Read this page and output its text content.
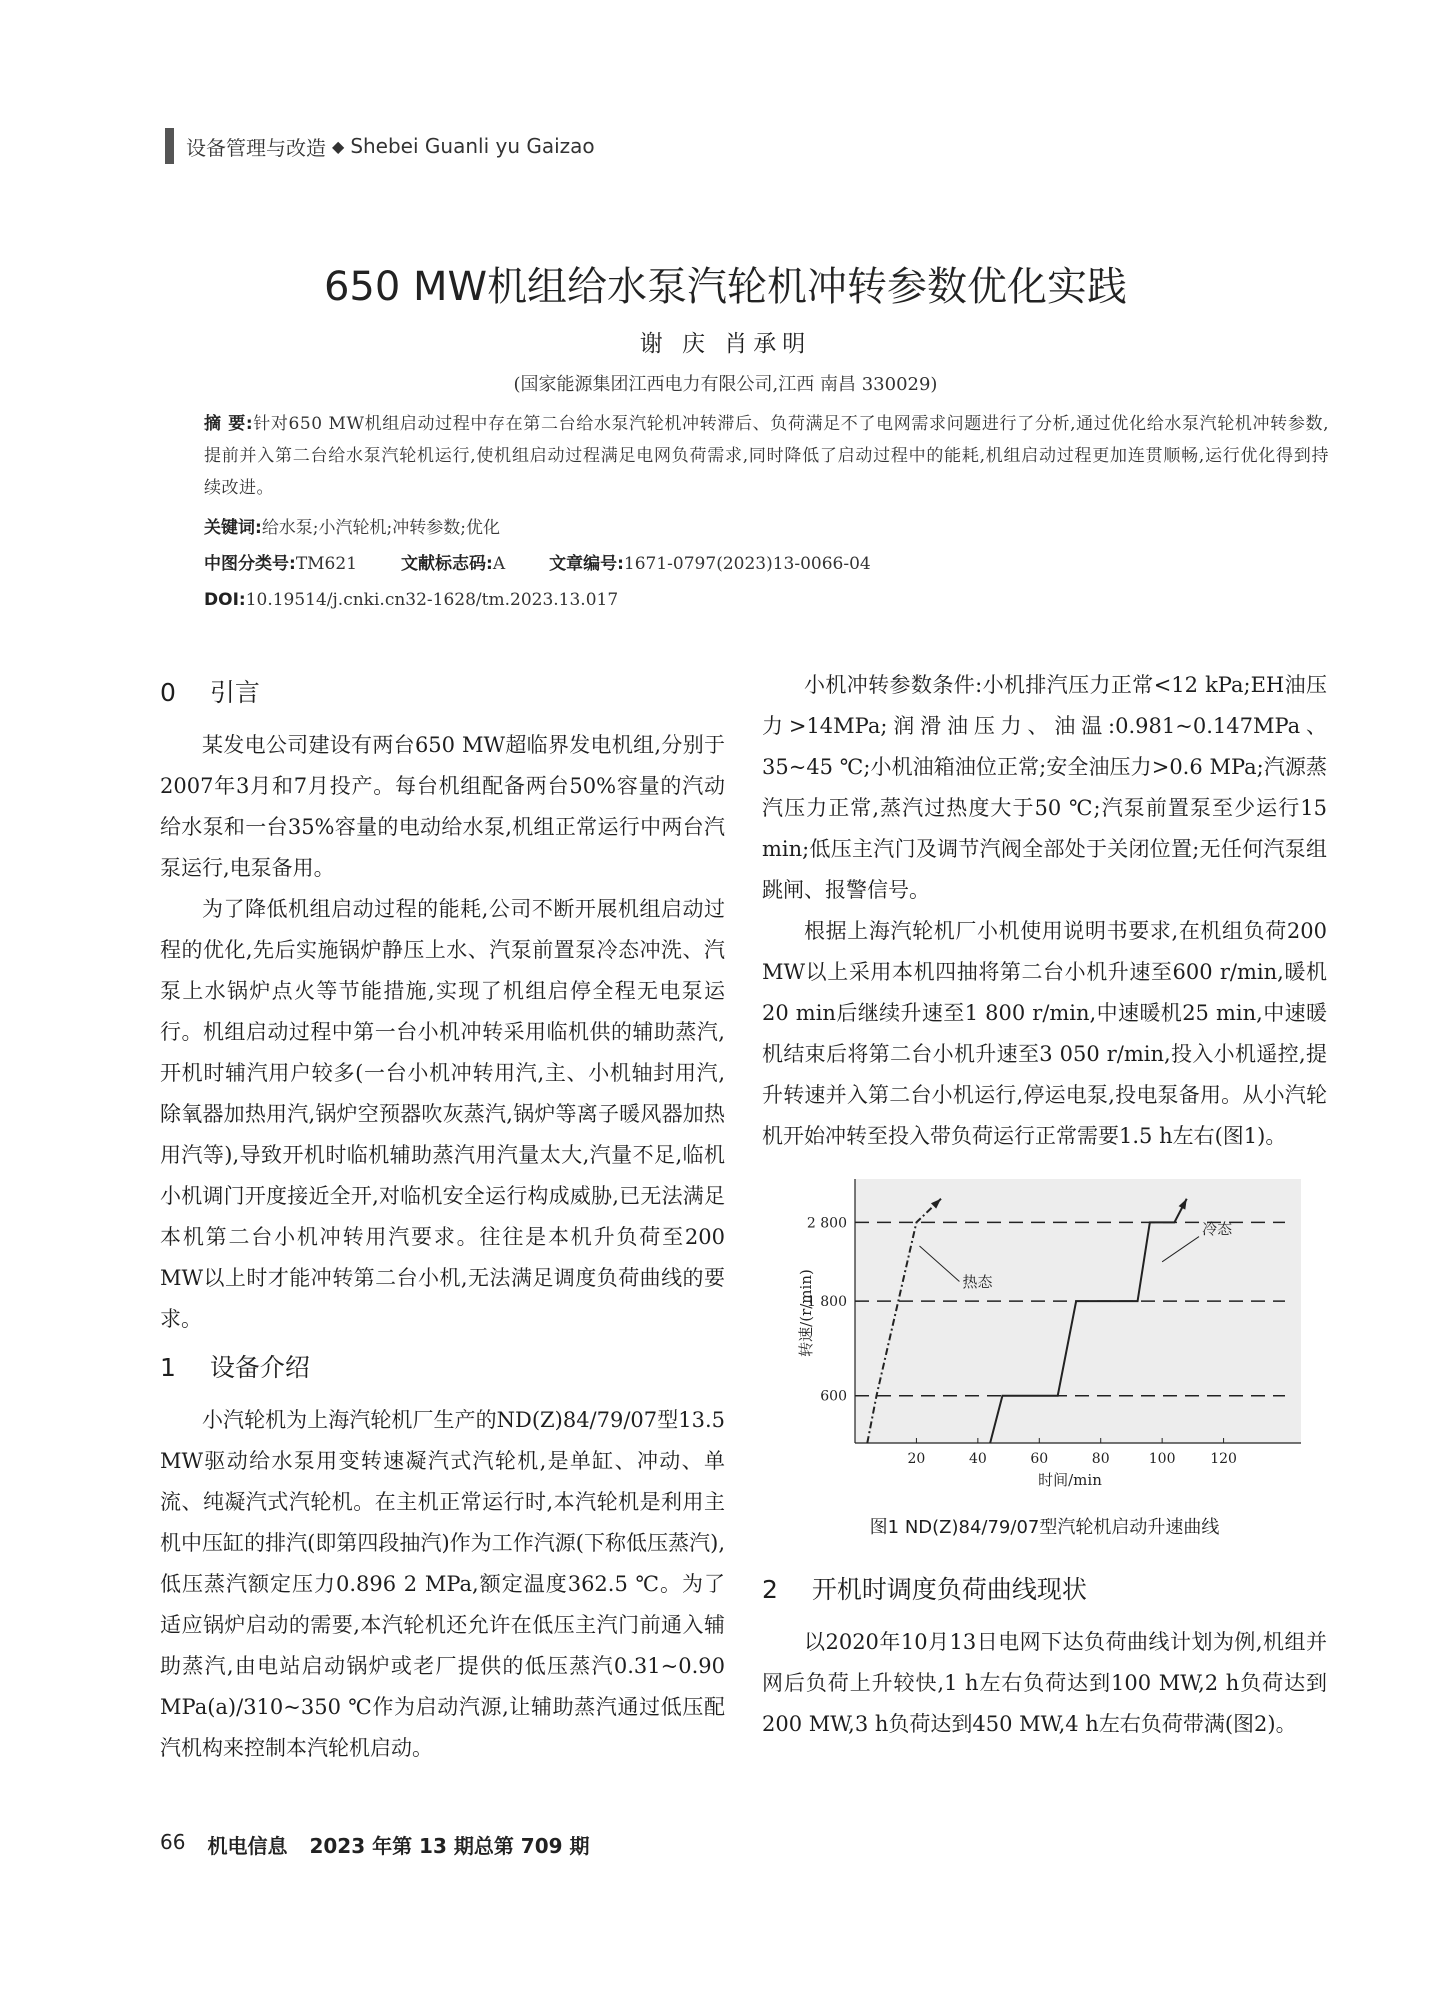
设备管理与改造 ◆ Shebei Guanli yu Gaizao
650 MW机组给水泵汽轮机冲转参数优化实践
谢 庆 肖承明
(国家能源集团江西电力有限公司,江西 南昌 330029)
摘 要:针对650 MW机组启动过程中存在第二台给水泵汽轮机冲转滞后、负荷满足不了电网需求问题进行了分析,通过优化给水泵汽轮机冲转参数,提前并入第二台给水泵汽轮机运行,使机组启动过程满足电网负荷需求,同时降低了启动过程中的能耗,机组启动过程更加连贯顺畅,运行优化得到持续改进。
关键词:给水泵;小汽轮机;冲转参数;优化
中图分类号:TM621	文献标志码:A	文章编号:1671-0797(2023)13-0066-04
DOI:10.19514/j.cnki.cn32-1628/tm.2023.13.017
0 引言

某发电公司建设有两台650 MW超临界发电机组,分别于2007年3月和7月投产。每台机组配备两台50%容量的汽动给水泵和一台35%容量的电动给水泵,机组正常运行中两台汽泵运行,电泵备用。

为了降低机组启动过程的能耗,公司不断开展机组启动过程的优化,先后实施锅炉静压上水、汽泵前置泵冷态冲洗、汽泵上水锅炉点火等节能措施,实现了机组启停全程无电泵运行。机组启动过程中第一台小机冲转采用临机供的辅助蒸汽,开机时辅汽用户较多(一台小机冲转用汽,主、小机轴封用汽,除氧器加热用汽,锅炉空预器吹灰蒸汽,锅炉等离子暖风器加热用汽等),导致开机时临机辅助蒸汽用汽量太大,汽量不足,临机小机调门开度接近全开,对临机安全运行构成威胁,已无法满足本机第二台小机冲转用汽要求。往往是本机升负荷至200 MW以上时才能冲转第二台小机,无法满足调度负荷曲线的要求。

1 设备介绍

小汽轮机为上海汽轮机厂生产的ND(Z)84/79/07型13.5 MW驱动给水泵用变转速凝汽式汽轮机,是单缸、冲动、单流、纯凝汽式汽轮机。在主机正常运行时,本汽轮机是利用主机中压缸的排汽(即第四段抽汽)作为工作汽源(下称低压蒸汽),低压蒸汽额定压力0.896 2 MPa,额定温度362.5 ℃。为了适应锅炉启动的需要,本汽轮机还允许在低压主汽门前通入辅助蒸汽,由电站启动锅炉或老厂提供的低压蒸汽0.31~0.90 MPa(a)/310~350 ℃作为启动汽源,让辅助蒸汽通过低压配汽机构来控制本汽轮机启动。

小机冲转参数条件:小机排汽压力正常<12 kPa;EH油压力>14MPa;润滑油压力、油温:0.981~0.147MPa、35~45 ℃;小机油箱油位正常;安全油压力>0.6 MPa;汽源蒸汽压力正常,蒸汽过热度大于50 ℃;汽泵前置泵至少运行15 min;低压主汽门及调节汽阀全部处于关闭位置;无任何汽泵组跳闸、报警信号。

根据上海汽轮机厂小机使用说明书要求,在机组负荷200 MW以上采用本机四抽将第二台小机升速至600 r/min,暖机20 min后继续升速至1 800 r/min,中速暖机25 min,中速暖机结束后将第二台小机升速至3 050 r/min,投入小机遥控,提升转速并入第二台小机运行,停运电泵,投电泵备用。从小汽轮机开始冲转至投入带负荷运行正常需要1.5 h左右(图1)。

20	40	60	80	100 120
600
1 800
2 800
热态
冷态
时间/min
转速/(r/min)
图1 ND(Z)84/79/07型汽轮机启动升速曲线
2 开机时调度负荷曲线现状

以2020年10月13日电网下达负荷曲线计划为例,机组并网后负荷上升较快,1 h左右负荷达到100 MW,2 h负荷达到200 MW,3 h负荷达到450 MW,4 h左右负荷带满(图2)。

66 机电信息 2023 年第 13 期总第 709 期
